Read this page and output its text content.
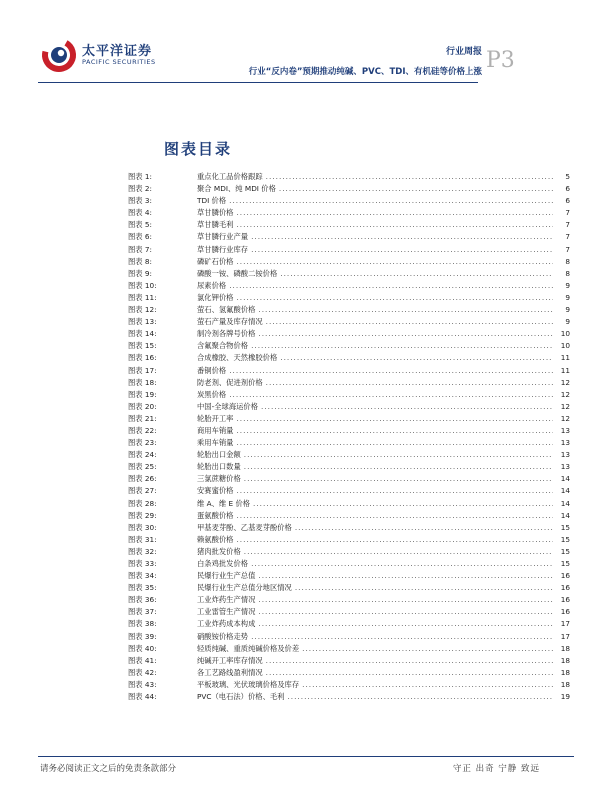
太平洋证券
PACIFIC SECURITIES
行业周报 P3
行业“反内卷”预期推动纯碱、PVC、TDI、有机硅等价格上涨
图表目录
图表 1:	重点化工品价格跟踪 .....	5
图表 2:	聚合 MDI、纯 MDI 价格 .....	6
图表 3:	TDI 价格 .....	6
图表 4:	草甘膦价格 .....	7
图表 5:	草甘膦毛利 .....	7
图表 6:	草甘膦行业产量 .....	7
图表 7:	草甘膦行业库存 .....	7
图表 8:	磷矿石价格 .....	8
图表 9:	磷酸一铵、磷酸二铵价格 .....	8
图表 10:	尿素价格 .....	9
图表 11:	氯化钾价格 .....	9
图表 12:	萤石、氢氟酸价格 .....	9
图表 13:	萤石产量及库存情况 .....	9
图表 14:	制冷剂各牌号价格 .....	10
图表 15:	含氟聚合物价格 .....	10
图表 16:	合成橡胶、天然橡胶价格 .....	11
图表 17:	番铜价格 .....	11
图表 18:	防老剂、促进剂价格 .....	12
图表 19:	炭黑价格 .....	12
图表 20:	中国-全球海运价格 .....	12
图表 21:	轮胎开工率 .....	12
图表 22:	商用车销量 .....	13
图表 23:	乘用车销量 .....	13
图表 24:	轮胎出口金额 .....	13
图表 25:	轮胎出口数量 .....	13
图表 26:	三氯蔗糖价格 .....	14
图表 27:	安赛蜜价格 .....	14
图表 28:	维 A、维 E 价格 .....	14
图表 29:	蛋氨酸价格 .....	14
图表 30:	甲基麦芽酚、乙基麦芽酚价格 .....	15
图表 31:	赖氨酸价格 .....	15
图表 32:	猪肉批发价格 .....	15
图表 33:	白条鸡批发价格 .....	15
图表 34:	民爆行业生产总值 .....	16
图表 35:	民爆行业生产总值分地区情况 .....	16
图表 36:	工业炸药生产情况 .....	16
图表 37:	工业雷管生产情况 .....	16
图表 38:	工业炸药成本构成 .....	17
图表 39:	硝酸铵价格走势 .....	17
图表 40:	轻质纯碱、重质纯碱价格及价差 .....	18
图表 41:	纯碱开工率库存情况 .....	18
图表 42:	各工艺路线盈利情况 .....	18
图表 43:	平板玻璃、光伏玻璃价格及库存 .....	18
图表 44:	PVC（电石法）价格、毛利 .....	19
请务必阅读正文之后的免责条款部分	守正 出奇 宁静 致远
